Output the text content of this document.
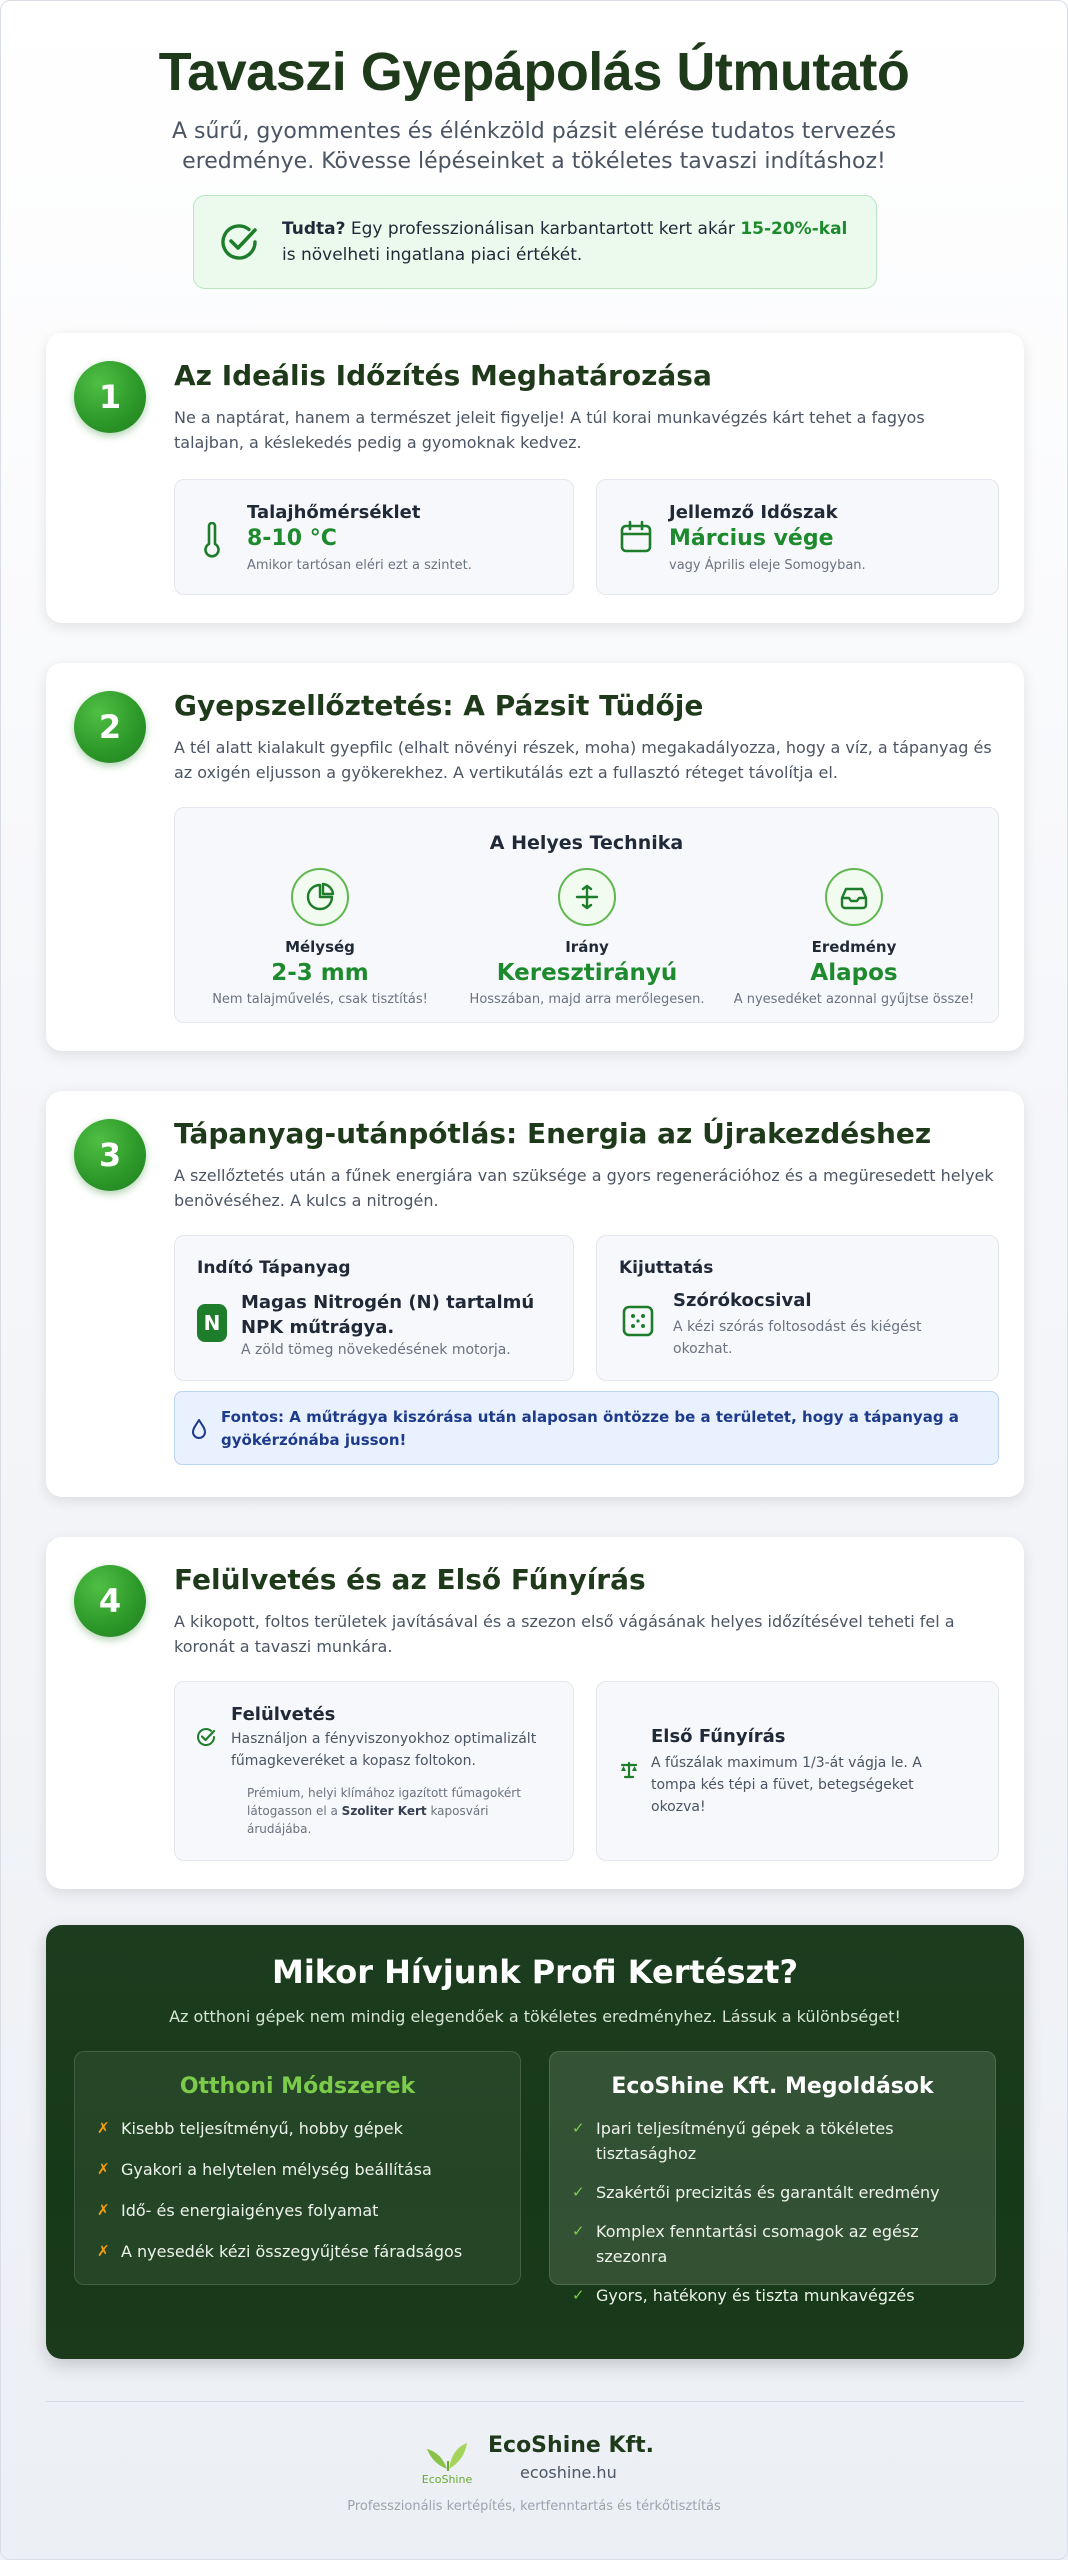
Tavaszi Gyepápolás Útmutató

A sűrű, gyommentes és élénkzöld pázsit elérése tudatos tervezés eredménye. Kövesse lépéseinket a tökéletes tavaszi indításhoz!

Tudta? Egy professzionálisan karbantartott kert akár 15-20%-kal is növelheti ingatlana piaci értékét.
1
Az Ideális Időzítés Meghatározása
Ne a naptárat, hanem a természet jeleit figyelje! A túl korai munkavégzés kárt tehet a fagyos talajban, a késlekedés pedig a gyomoknak kedvez.
Talajhőmérséklet
8-10 °C
Amikor tartósan eléri ezt a szintet.
Jellemző Időszak
Március vége
vagy Április eleje Somogyban.
2
Gyepszellőztetés: A Pázsit Tüdője
A tél alatt kialakult gyepfilc (elhalt növényi részek, moha) megakadályozza, hogy a víz, a tápanyag és az oxigén eljusson a gyökerekhez. A vertikutálás ezt a fullasztó réteget távolítja el.
A Helyes Technika
Mélység
2-3 mm
Nem talajművelés, csak tisztítás!
Irány
Keresztirányú
Hosszában, majd arra merőlegesen.
Eredmény
Alapos
A nyesedéket azonnal gyűjtse össze!
3
Tápanyag-utánpótlás: Energia az Újrakezdéshez
A szellőztetés után a fűnek energiára van szüksége a gyors regenerációhoz és a megüresedett helyek benövéséhez. A kulcs a nitrogén.
Indító Tápanyag
N
Magas Nitrogén (N) tartalmú NPK műtrágya.
A zöld tömeg növekedésének motorja.
Kijuttatás
Szórókocsival
A kézi szórás foltosodást és kiégést okozhat.
Fontos: A műtrágya kiszórása után alaposan öntözze be a területet, hogy a tápanyag a gyökérzónába jusson!
4
Felülvetés és az Első Fűnyírás
A kikopott, foltos területek javításával és a szezon első vágásának helyes időzítésével teheti fel a koronát a tavaszi munkára.
Felülvetés
Használjon a fényviszonyokhoz optimalizált fűmagkeveréket a kopasz foltokon.
Prémium, helyi klímához igazított fűmagokért látogasson el a Szoliter Kert kaposvári árudájába.
Első Fűnyírás
A fűszálak maximum 1/3-át vágja le. A tompa kés tépi a füvet, betegségeket okozva!
Mikor Hívjunk Profi Kertészt?
Az otthoni gépek nem mindig elegendőek a tökéletes eredményhez. Lássuk a különbséget!
Otthoni Módszerek
✗ Kisebb teljesítményű, hobby gépek
✗ Gyakori a helytelen mélység beállítása
✗ Idő- és energiaigényes folyamat
✗ A nyesedék kézi összegyűjtése fáradságos
EcoShine Kft. Megoldások
✓ Ipari teljesítményű gépek a tökéletes tisztasághoz
✓ Szakértői precizitás és garantált eredmény
✓ Komplex fenntartási csomagok az egész szezonra
✓ Gyors, hatékony és tiszta munkavégzés
EcoShine
EcoShine Kft.
ecoshine.hu
Professzionális kertépítés, kertfenntartás és térkőtisztítás
